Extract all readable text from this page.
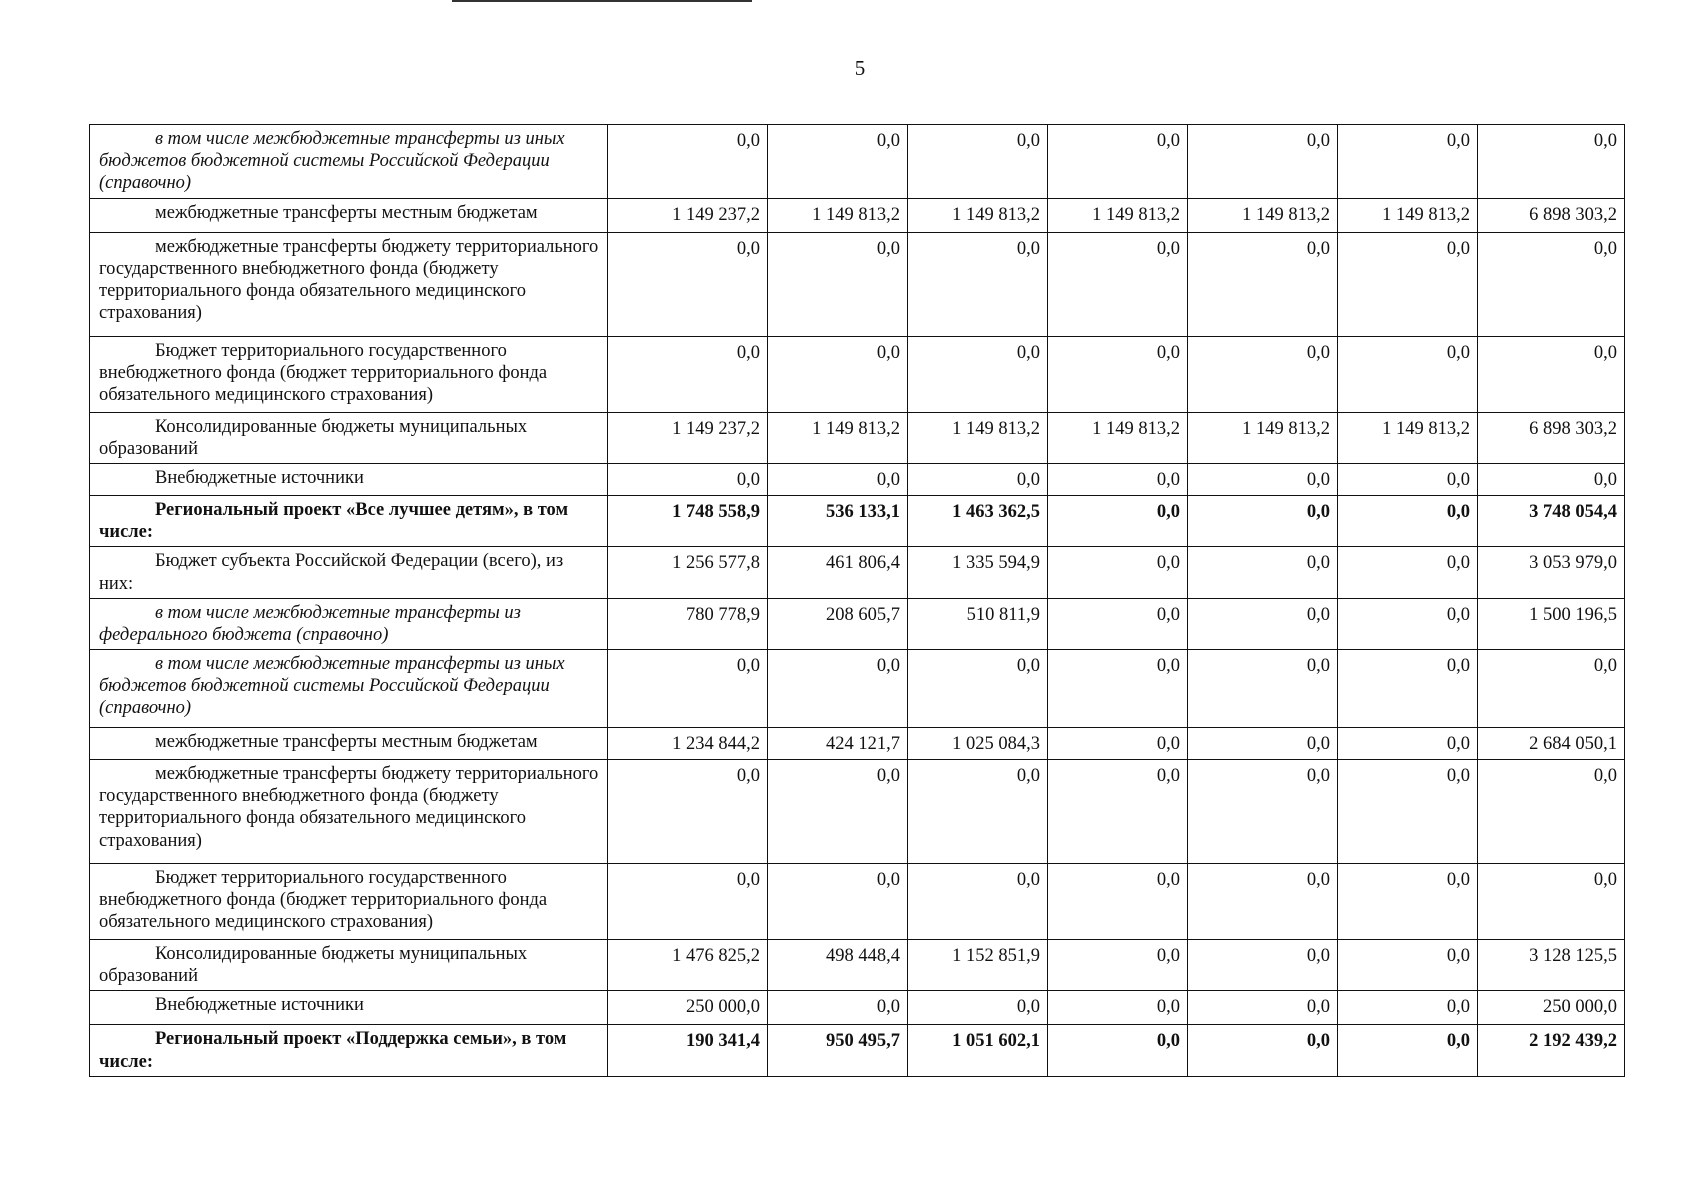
5
в том числе межбюджетные трансферты из иных бюджетов бюджетной системы Российской Федерации (справочно)	0,0	0,0	0,0	0,0	0,0	0,0	0,0
межбюджетные трансферты местным бюджетам	1 149 237,2	1 149 813,2	1 149 813,2	1 149 813,2	1 149 813,2	1 149 813,2	6 898 303,2
межбюджетные трансферты бюджету территориального государственного внебюджетного фонда (бюджету территориального фонда обязательного медицинского страхования)	0,0	0,0	0,0	0,0	0,0	0,0	0,0
Бюджет территориального государственного внебюджетного фонда (бюджет территориального фонда обязательного медицинского страхования)	0,0	0,0	0,0	0,0	0,0	0,0	0,0
Консолидированные бюджеты муниципальных образований	1 149 237,2	1 149 813,2	1 149 813,2	1 149 813,2	1 149 813,2	1 149 813,2	6 898 303,2
Внебюджетные источники	0,0	0,0	0,0	0,0	0,0	0,0	0,0
Региональный проект «Все лучшее детям», в том числе:	1 748 558,9	536 133,1	1 463 362,5	0,0	0,0	0,0	3 748 054,4
Бюджет субъекта Российской Федерации (всего), из них:	1 256 577,8	461 806,4	1 335 594,9	0,0	0,0	0,0	3 053 979,0
в том числе межбюджетные трансферты из федерального бюджета (справочно)	780 778,9	208 605,7	510 811,9	0,0	0,0	0,0	1 500 196,5
в том числе межбюджетные трансферты из иных бюджетов бюджетной системы Российской Федерации (справочно)	0,0	0,0	0,0	0,0	0,0	0,0	0,0
межбюджетные трансферты местным бюджетам	1 234 844,2	424 121,7	1 025 084,3	0,0	0,0	0,0	2 684 050,1
межбюджетные трансферты бюджету территориального государственного внебюджетного фонда (бюджету территориального фонда обязательного медицинского страхования)	0,0	0,0	0,0	0,0	0,0	0,0	0,0
Бюджет территориального государственного внебюджетного фонда (бюджет территориального фонда обязательного медицинского страхования)	0,0	0,0	0,0	0,0	0,0	0,0	0,0
Консолидированные бюджеты муниципальных образований	1 476 825,2	498 448,4	1 152 851,9	0,0	0,0	0,0	3 128 125,5
Внебюджетные источники	250 000,0	0,0	0,0	0,0	0,0	0,0	250 000,0
Региональный проект «Поддержка семьи», в том числе:	190 341,4	950 495,7	1 051 602,1	0,0	0,0	0,0	2 192 439,2
